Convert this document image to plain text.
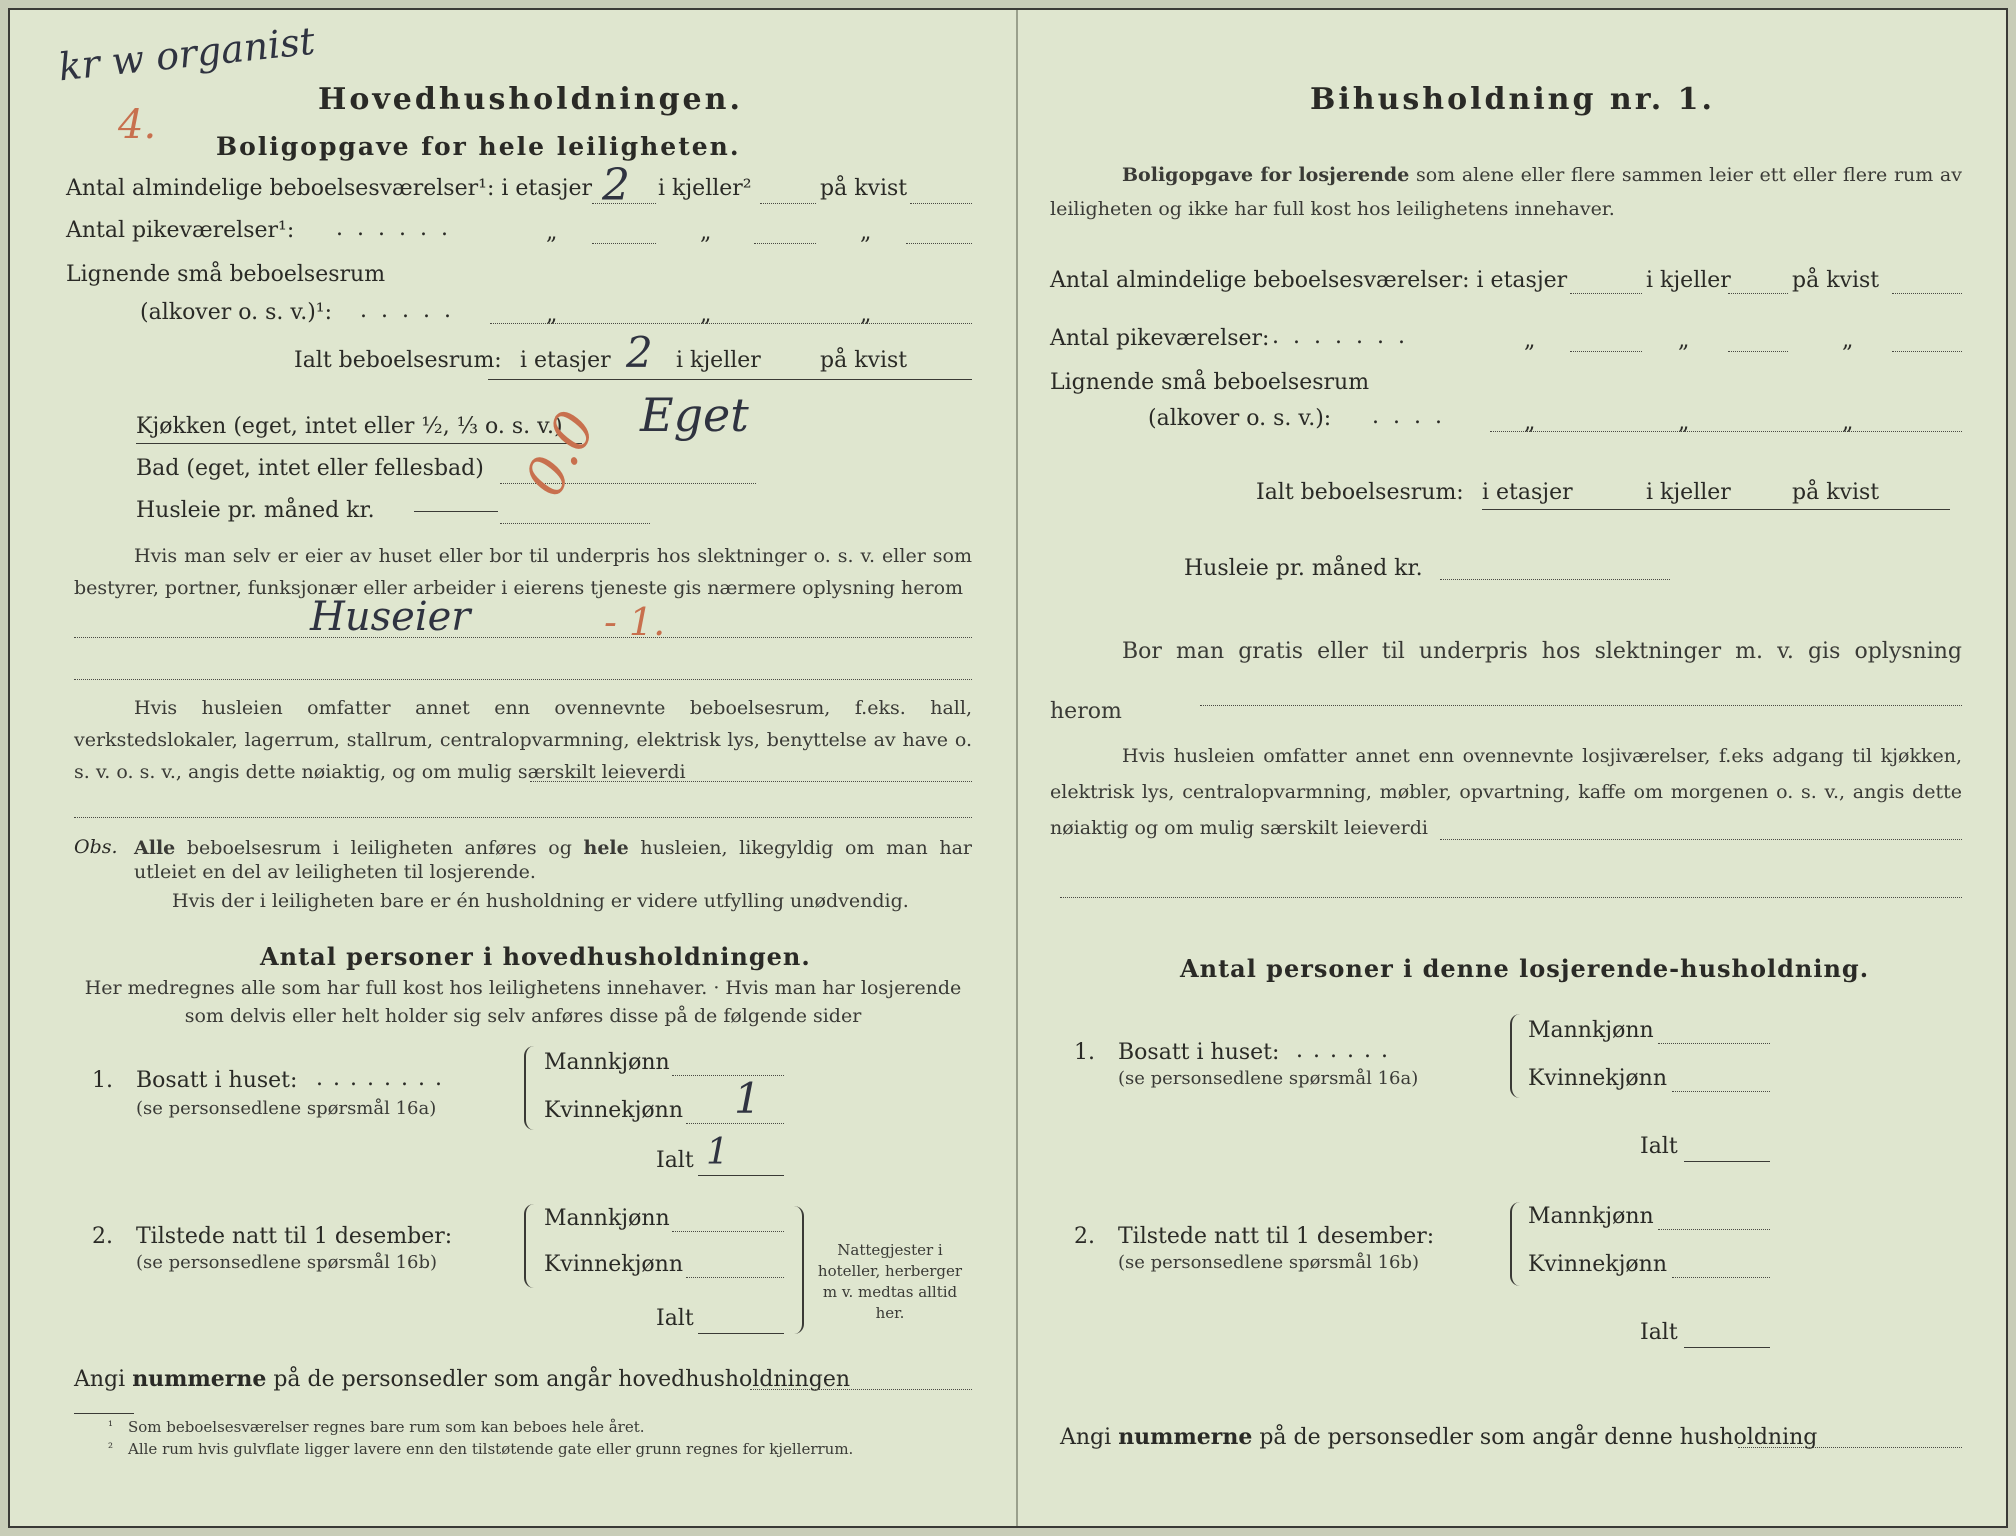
kr w organist
4.
Hovedhusholdningen.
Boligopgave for hele leiligheten.
Antal almindelige beboelsesværelser¹: i etasjer 2 i kjeller²	på kvist
Antal pikeværelser¹: ......	„	„	„
Lignende små beboelsesrum
(alkover o. s. v.)¹: .....	„	„	„
Ialt beboelsesrum: i etasjer 2 i kjeller	på kvist
Kjøkken (eget, intet eller ½, ⅓ o. s. v.) Eget
Bad (eget, intet eller fellesbad)
Husleie pr. måned kr.
0.0
Hvis man selv er eier av huset eller bor til underpris hos slektninger o. s. v. eller som bestyrer, portner, funksjonær eller arbeider i eierens tjeneste gis nærmere oplysning herom
Huseier	- 1.
Hvis husleien omfatter annet enn ovennevnte beboelsesrum, f.eks. hall, verkstedslokaler, lagerrum, stallrum, centralopvarmning, elektrisk lys, benyttelse av have o. s. v. o. s. v., angis dette nøiaktig, og om mulig særskilt leieverdi
Obs. Alle beboelsesrum i leiligheten anføres og hele husleien, likegyldig om man har utleiet en del av leiligheten til losjerende.
Hvis der i leiligheten bare er én husholdning er videre utfylling unødvendig.
Antal personer i hovedhusholdningen.
Her medregnes alle som har full kost hos leilighetens innehaver. · Hvis man har losjerende som delvis eller helt holder sig selv anføres disse på de følgende sider
1. Bosatt i huset: ........
(se personsedlene spørsmål 16a)
Mannkjønn
Kvinnekjønn 1
Ialt 1
2. Tilstede natt til 1 desember:
(se personsedlene spørsmål 16b)
Mannkjønn
Kvinnekjønn
Ialt
Nattegjester i hoteller, herberger m v. medtas alltid her.
Angi nummerne på de personsedler som angår hovedhusholdningen
$^{^1}$ Som beboelsesværelser regnes bare rum som kan beboes hele året.
$^{^2}$ Alle rum hvis gulvflate ligger lavere enn den tilstøtende gate eller grunn regnes for kjellerrum.
Bihusholdning nr. 1.
Boligopgave for losjerende som alene eller flere sammen leier ett eller flere rum av leiligheten og ikke har full kost hos leilighetens innehaver.
Antal almindelige beboelsesværelser: i etasjer	i kjeller	på kvist
Antal pikeværelser: .......	„	„	„
Lignende små beboelsesrum
(alkover o. s. v.): ....	„	„	„
Ialt beboelsesrum: i etasjer	i kjeller	på kvist
Husleie pr. måned kr.
Bor man gratis eller til underpris hos slektninger m. v. gis oplysning herom
Hvis husleien omfatter annet enn ovennevnte losjiværelser, f.eks adgang til kjøkken, elektrisk lys, centralopvarmning, møbler, opvartning, kaffe om morgenen o. s. v., angis dette nøiaktig og om mulig særskilt leieverdi
Antal personer i denne losjerende-husholdning.
1. Bosatt i huset: ......
(se personsedlene spørsmål 16a)
Mannkjønn
Kvinnekjønn
Ialt
2. Tilstede natt til 1 desember:
(se personsedlene spørsmål 16b)
Mannkjønn
Kvinnekjønn
Ialt
Angi nummerne på de personsedler som angår denne husholdning
